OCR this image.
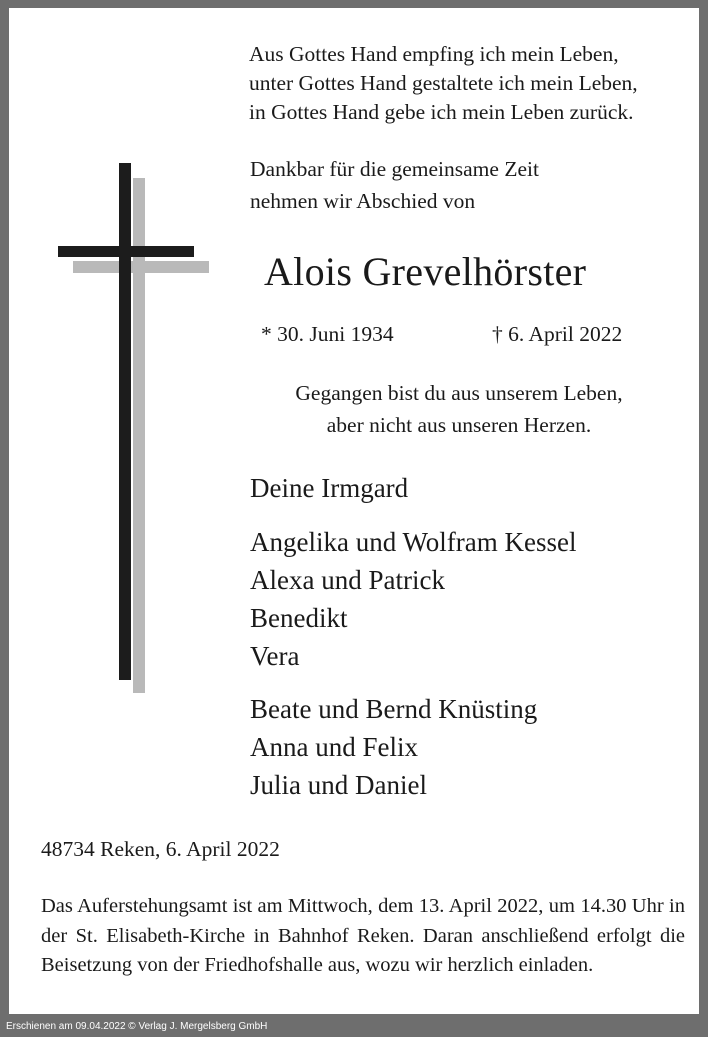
Aus Gottes Hand empfing ich mein Leben,
unter Gottes Hand gestaltete ich mein Leben,
in Gottes Hand gebe ich mein Leben zurück.
Dankbar für die gemeinsame Zeit
nehmen wir Abschied von
Alois Grevelhörster
* 30. Juni 1934	† 6. April 2022
Gegangen bist du aus unserem Leben,
aber nicht aus unseren Herzen.
Deine Irmgard
Angelika und Wolfram Kessel
Alexa und Patrick
Benedikt
Vera
Beate und Bernd Knüsting
Anna und Felix
Julia und Daniel
48734 Reken, 6. April 2022
Das Auferstehungsamt ist am Mittwoch, dem 13. April 2022, um 14.30 Uhr in der St. Elisabeth-Kirche in Bahnhof Reken. Daran anschließend erfolgt die Beisetzung von der Friedhofshalle aus, wozu wir herzlich einladen.
Erschienen am 09.04.2022 © Verlag J. Mergelsberg GmbH
